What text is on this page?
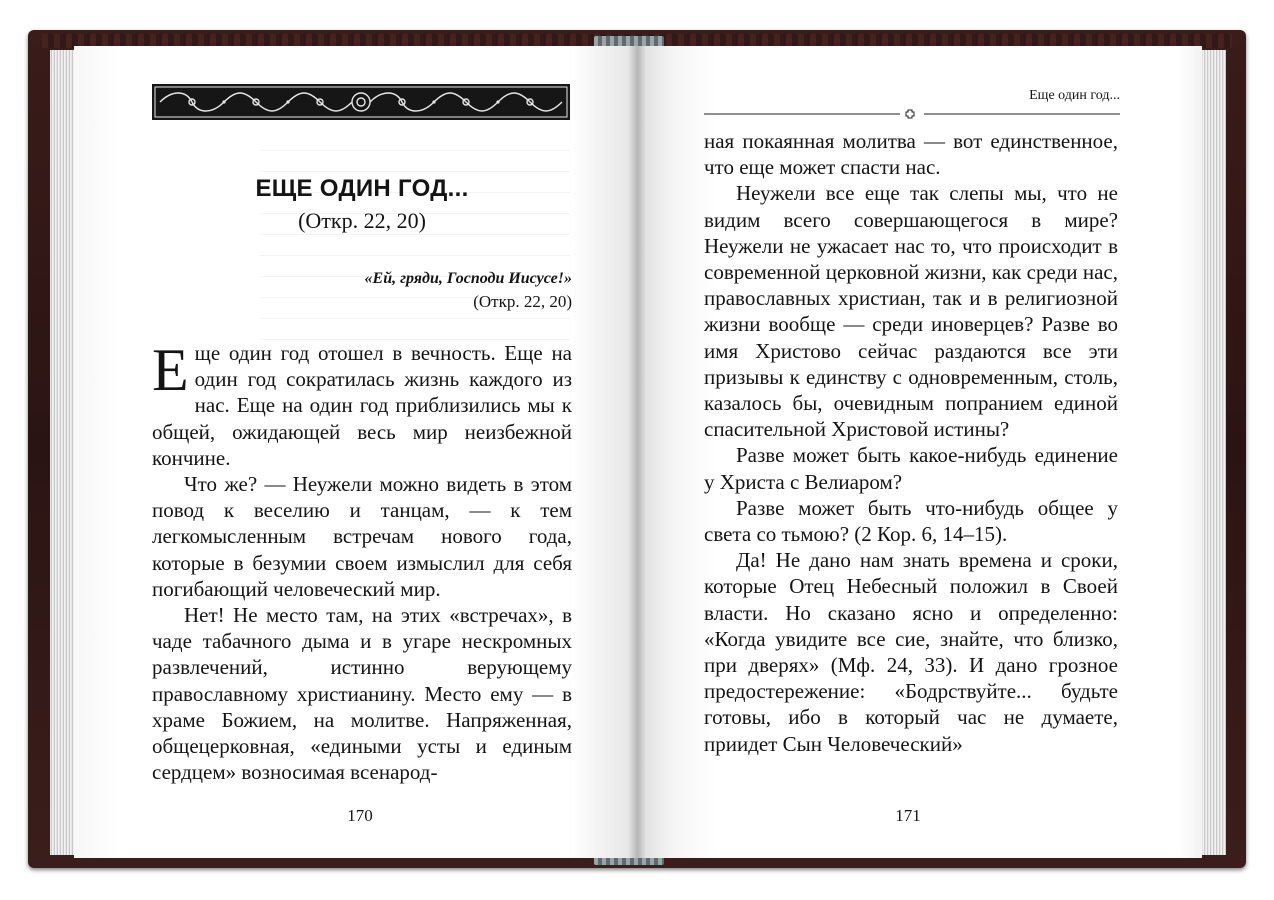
ЕЩЕ ОДИН ГОД...
(Откр. 22, 20)
«Ей, гряди, Господи Иисусе!»
(Откр. 22, 20)

Еще один год отошел в вечность. Еще на один год сократилась жизнь каждого из нас. Еще на один год приблизились мы к общей, ожидающей весь мир неизбежной кончине.

Что же? — Неужели можно видеть в этом повод к веселию и танцам, — к тем легкомысленным встречам нового года, которые в безумии своем измыслил для себя погибающий человеческий мир.

Нет! Не место там, на этих «встречах», в чаде табачного дыма и в угаре нескромных развлечений, истинно верующему православному христианину. Место ему — в храме Божием, на молитве. Напряженная, общецерковная, «едиными усты и единым сердцем» возносимая всенарод-

170
Еще один год...

ная покаянная молитва — вот единственное, что еще может спасти нас.

Неужели все еще так слепы мы, что не видим всего совершающегося в мире? Неужели не ужасает нас то, что происходит в современной церковной жизни, как среди нас, православных христиан, так и в религиозной жизни вообще — среди иноверцев? Разве во имя Христово сейчас раздаются все эти призывы к единству с одновременным, столь, казалось бы, очевидным попранием единой спасительной Христовой истины?

Разве может быть какое-нибудь единение у Христа с Велиаром?

Разве может быть что-нибудь общее у света со тьмою? (2 Кор. 6, 14–15).

Да! Не дано нам знать времена и сроки, которые Отец Небесный положил в Своей власти. Но сказано ясно и определенно: «Когда увидите все сие, знайте, что близко, при дверях» (Мф. 24, 33). И дано грозное предостережение: «Бодрствуйте... будьте готовы, ибо в который час не думаете, приидет Сын Человеческий»

171
